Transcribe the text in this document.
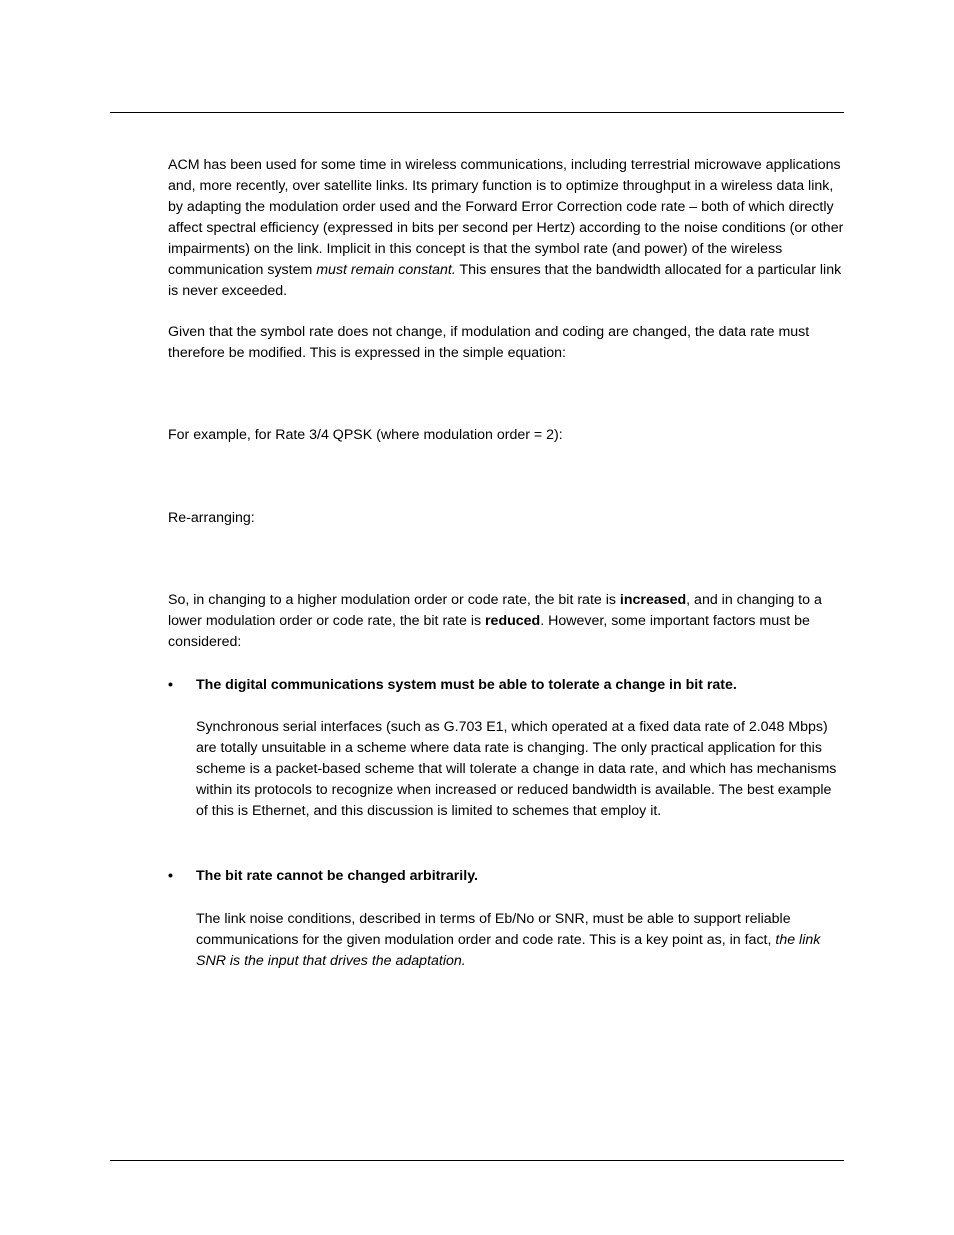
ACM has been used for some time in wireless communications, including terrestrial microwave applications and, more recently, over satellite links. Its primary function is to optimize throughput in a wireless data link, by adapting the modulation order used and the Forward Error Correction code rate – both of which directly affect spectral efficiency (expressed in bits per second per Hertz) according to the noise conditions (or other impairments) on the link. Implicit in this concept is that the symbol rate (and power) of the wireless communication system must remain constant. This ensures that the bandwidth allocated for a particular link is never exceeded.

Given that the symbol rate does not change, if modulation and coding are changed, the data rate must therefore be modified. This is expressed in the simple equation:

For example, for Rate 3/4 QPSK (where modulation order = 2):

Re-arranging:

So, in changing to a higher modulation order or code rate, the bit rate is increased, and in changing to a lower modulation order or code rate, the bit rate is reduced. However, some important factors must be considered:

•	The digital communications system must be able to tolerate a change in bit rate.

Synchronous serial interfaces (such as G.703 E1, which operated at a fixed data rate of 2.048 Mbps) are totally unsuitable in a scheme where data rate is changing. The only practical application for this scheme is a packet-based scheme that will tolerate a change in data rate, and which has mechanisms within its protocols to recognize when increased or reduced bandwidth is available. The best example of this is Ethernet, and this discussion is limited to schemes that employ it.

•	The bit rate cannot be changed arbitrarily.

The link noise conditions, described in terms of Eb/No or SNR, must be able to support reliable communications for the given modulation order and code rate. This is a key point as, in fact, the link SNR is the input that drives the adaptation.
